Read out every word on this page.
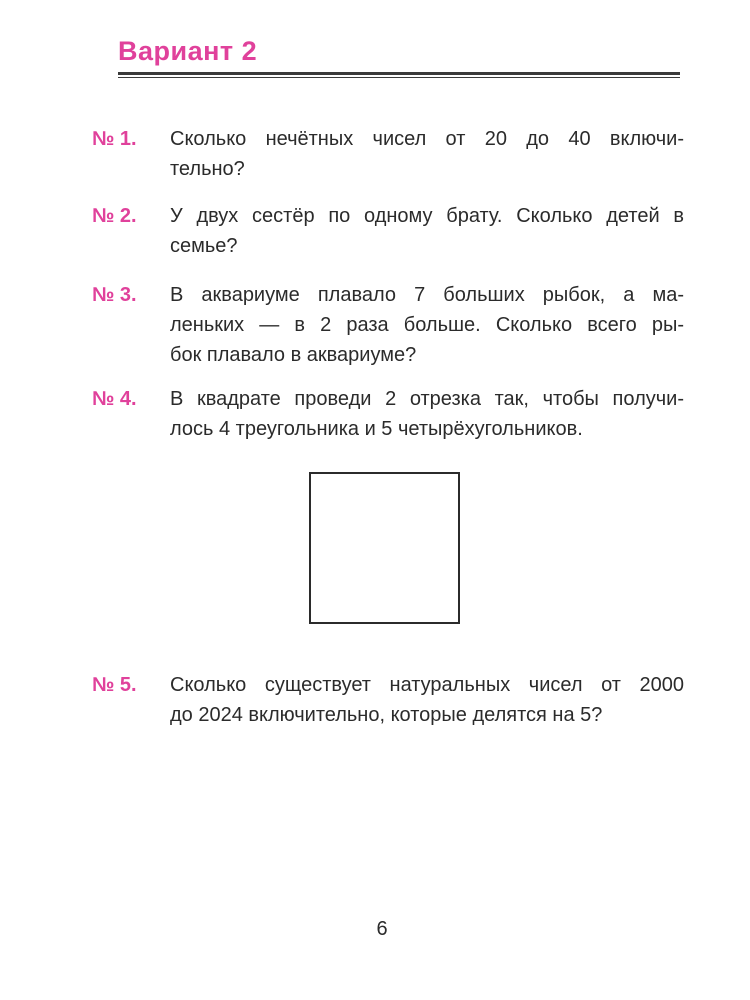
Вариант 2
№ 1. Сколько нечётных чисел от 20 до 40 включи-
тельно?
№ 2. У двух сестёр по одному брату. Сколько детей в
семье?
№ 3. В аквариуме плавало 7 больших рыбок, а ма-
леньких — в 2 раза больше. Сколько всего ры-
бок плавало в аквариуме?
№ 4. В квадрате проведи 2 отрезка так, чтобы получи-
лось 4 треугольника и 5 четырёхугольников.
№ 5. Сколько существует натуральных чисел от 2000
до 2024 включительно, которые делятся на 5?
6
